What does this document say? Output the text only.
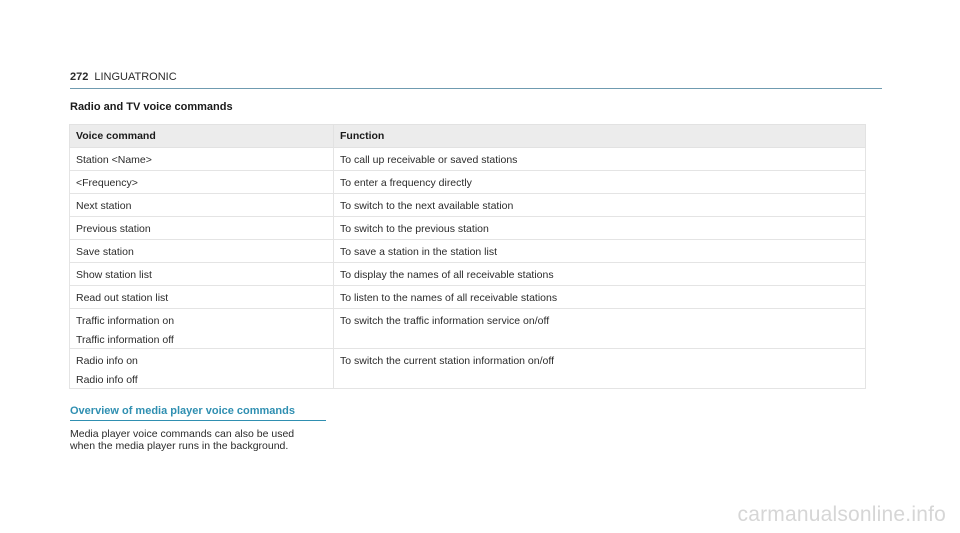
272 LINGUATRONIC
Radio and TV voice commands
Voice command	Function

Station <Name>	To call up receivable or saved stations

<Frequency>	To enter a frequency directly

Next station	To switch to the next available station

Previous station	To switch to the previous station

Save station	To save a station in the station list

Show station list	To display the names of all receivable stations

Read out station list	To listen to the names of all receivable stations

Traffic information on
Traffic information off	To switch the traffic information service on/off

Radio info on
Radio info off	To switch the current station information on/off
Overview of media player voice commands

Media player voice commands can also be used
when the media player runs in the background.

carmanualsonline.info
